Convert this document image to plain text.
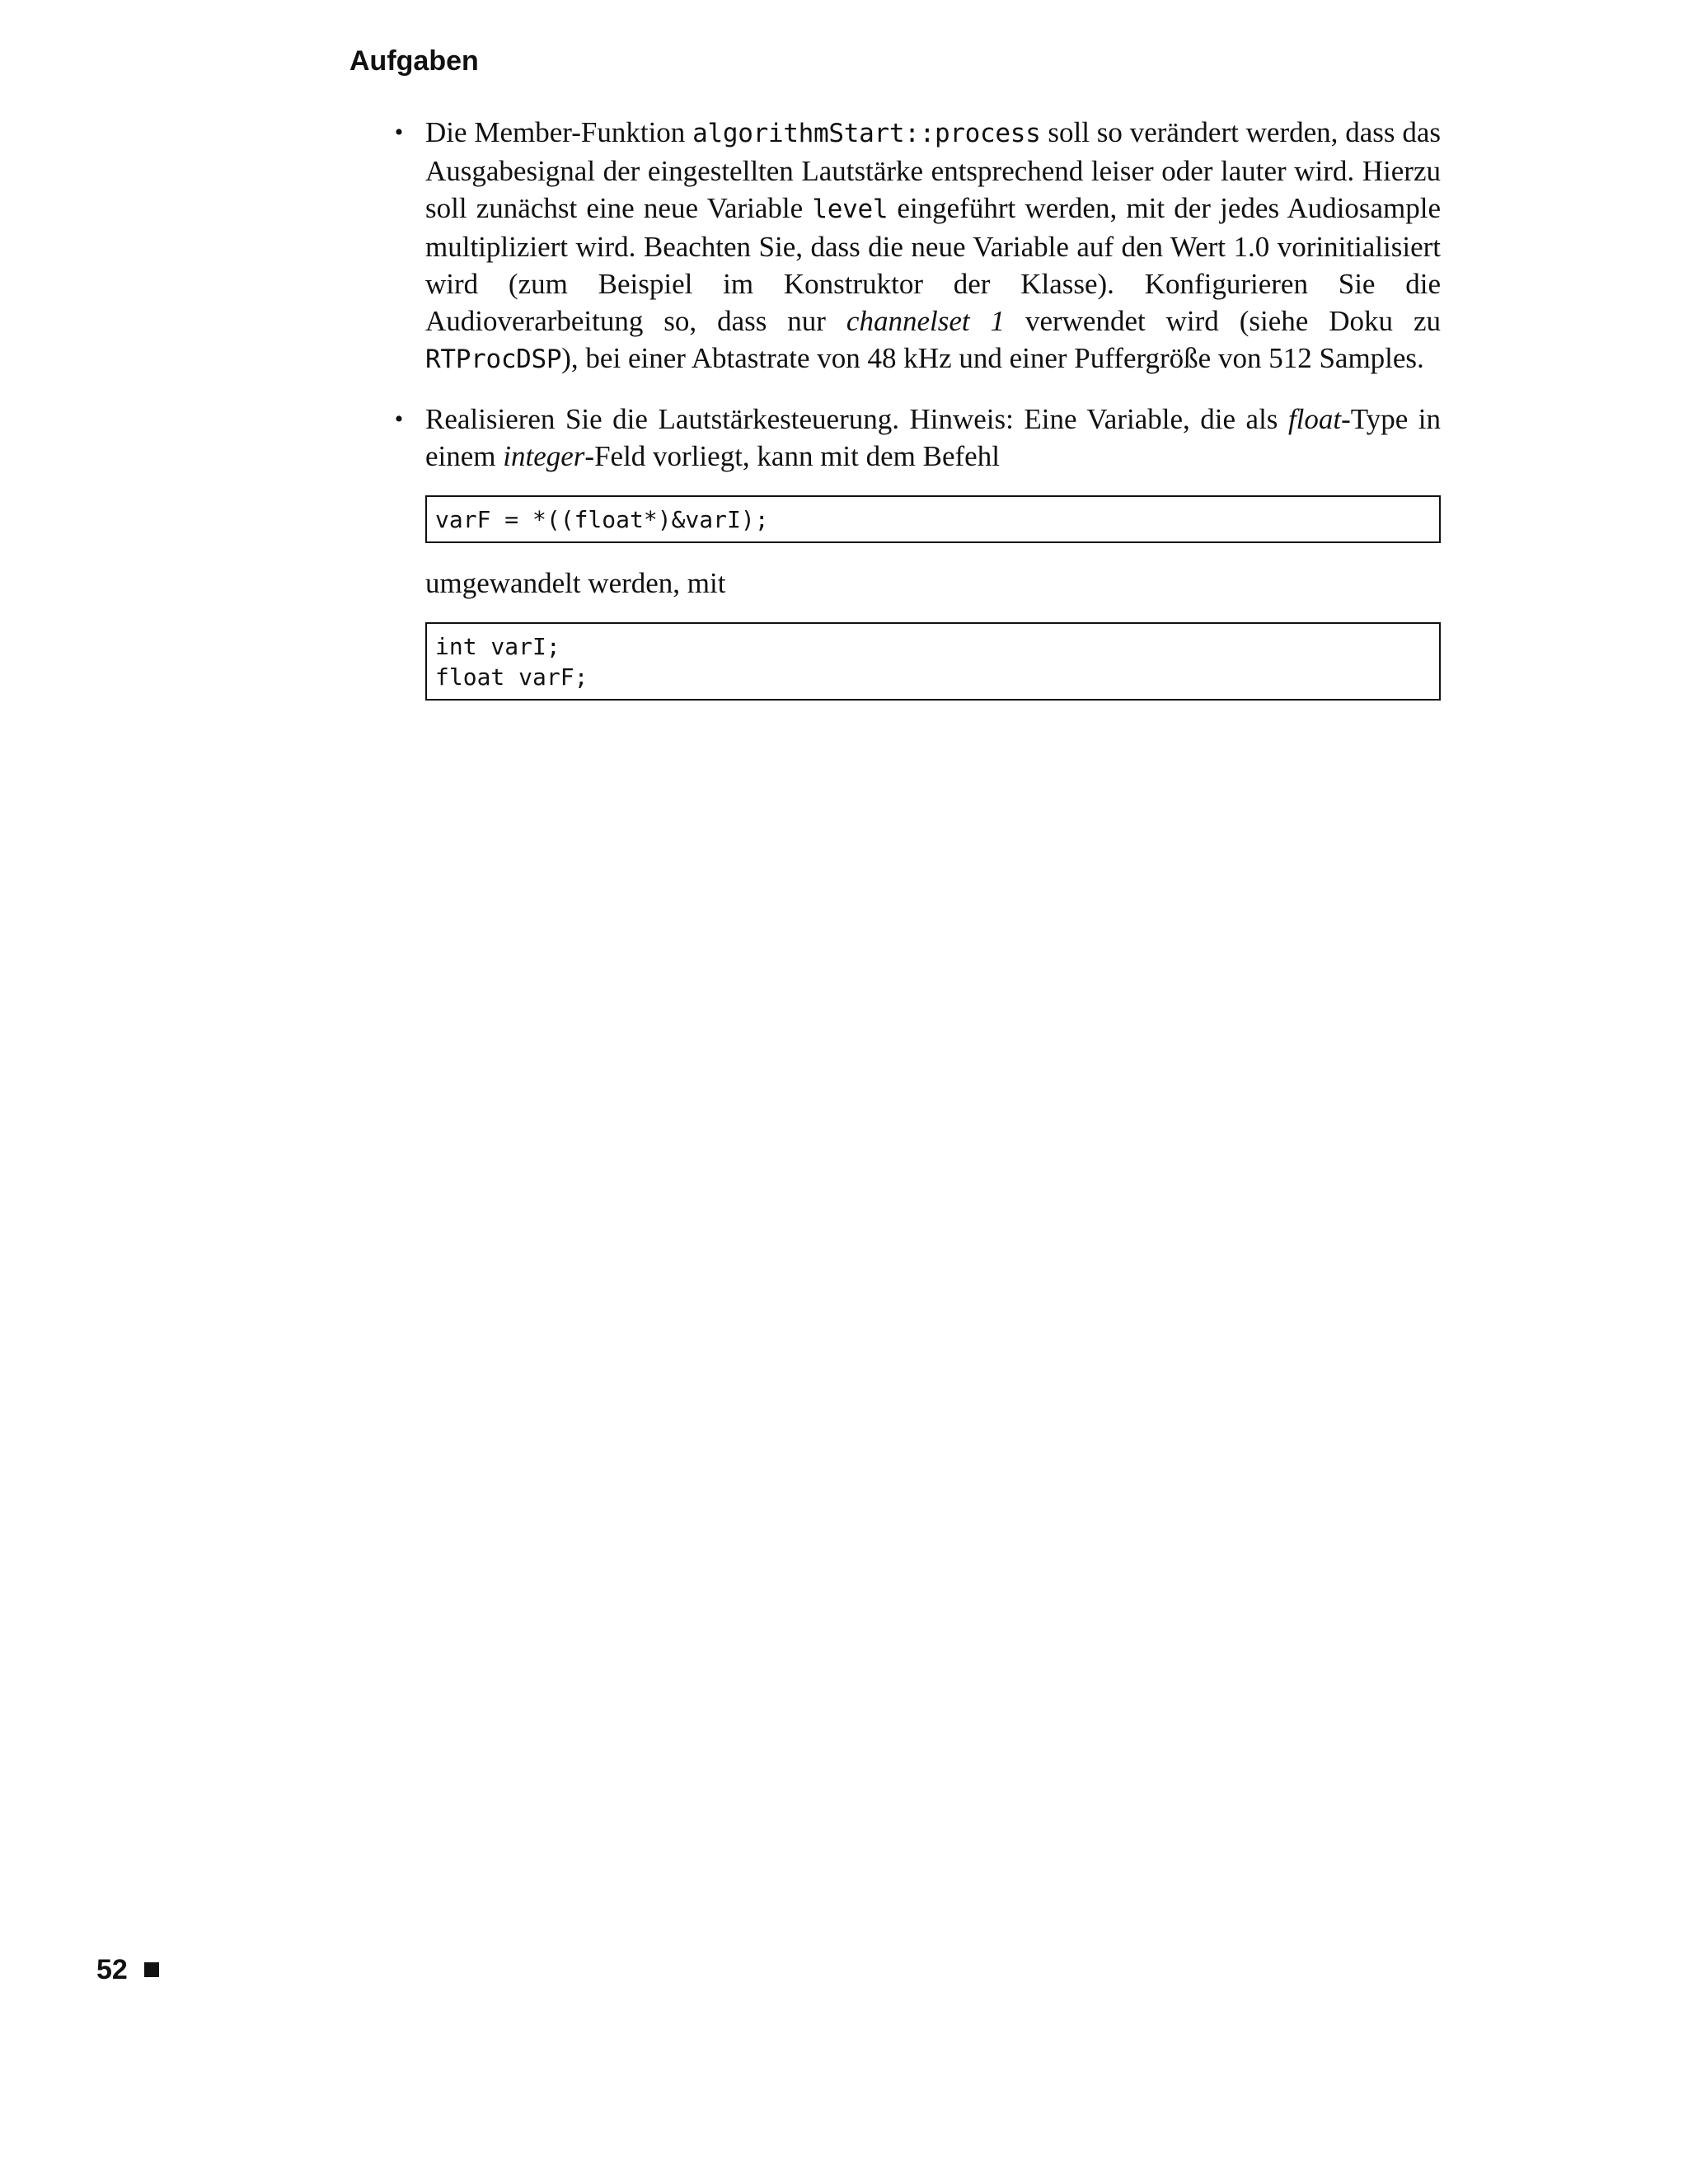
Aufgaben
• Die Member-Funktion algorithmStart::process soll so verändert werden, dass das Ausgabesignal der eingestellten Lautstärke entsprechend leiser oder lauter wird. Hierzu soll zunächst eine neue Variable level eingeführt werden, mit der jedes Audiosample multipliziert wird. Beachten Sie, dass die neue Variable auf den Wert 1.0 vorinitialisiert wird (zum Beispiel im Konstruktor der Klasse). Konfigurieren Sie die Audioverarbeitung so, dass nur channelset 1 verwendet wird (siehe Doku zu RTProcDSP), bei einer Abtastrate von 48 kHz und einer Puffergröße von 512 Samples.

• Realisieren Sie die Lautstärkesteuerung. Hinweis: Eine Variable, die als float-Type in einem integer-Feld vorliegt, kann mit dem Befehl

varF = *((float*)&varI);

umgewandelt werden, mit

int varI;
float varF;
52
